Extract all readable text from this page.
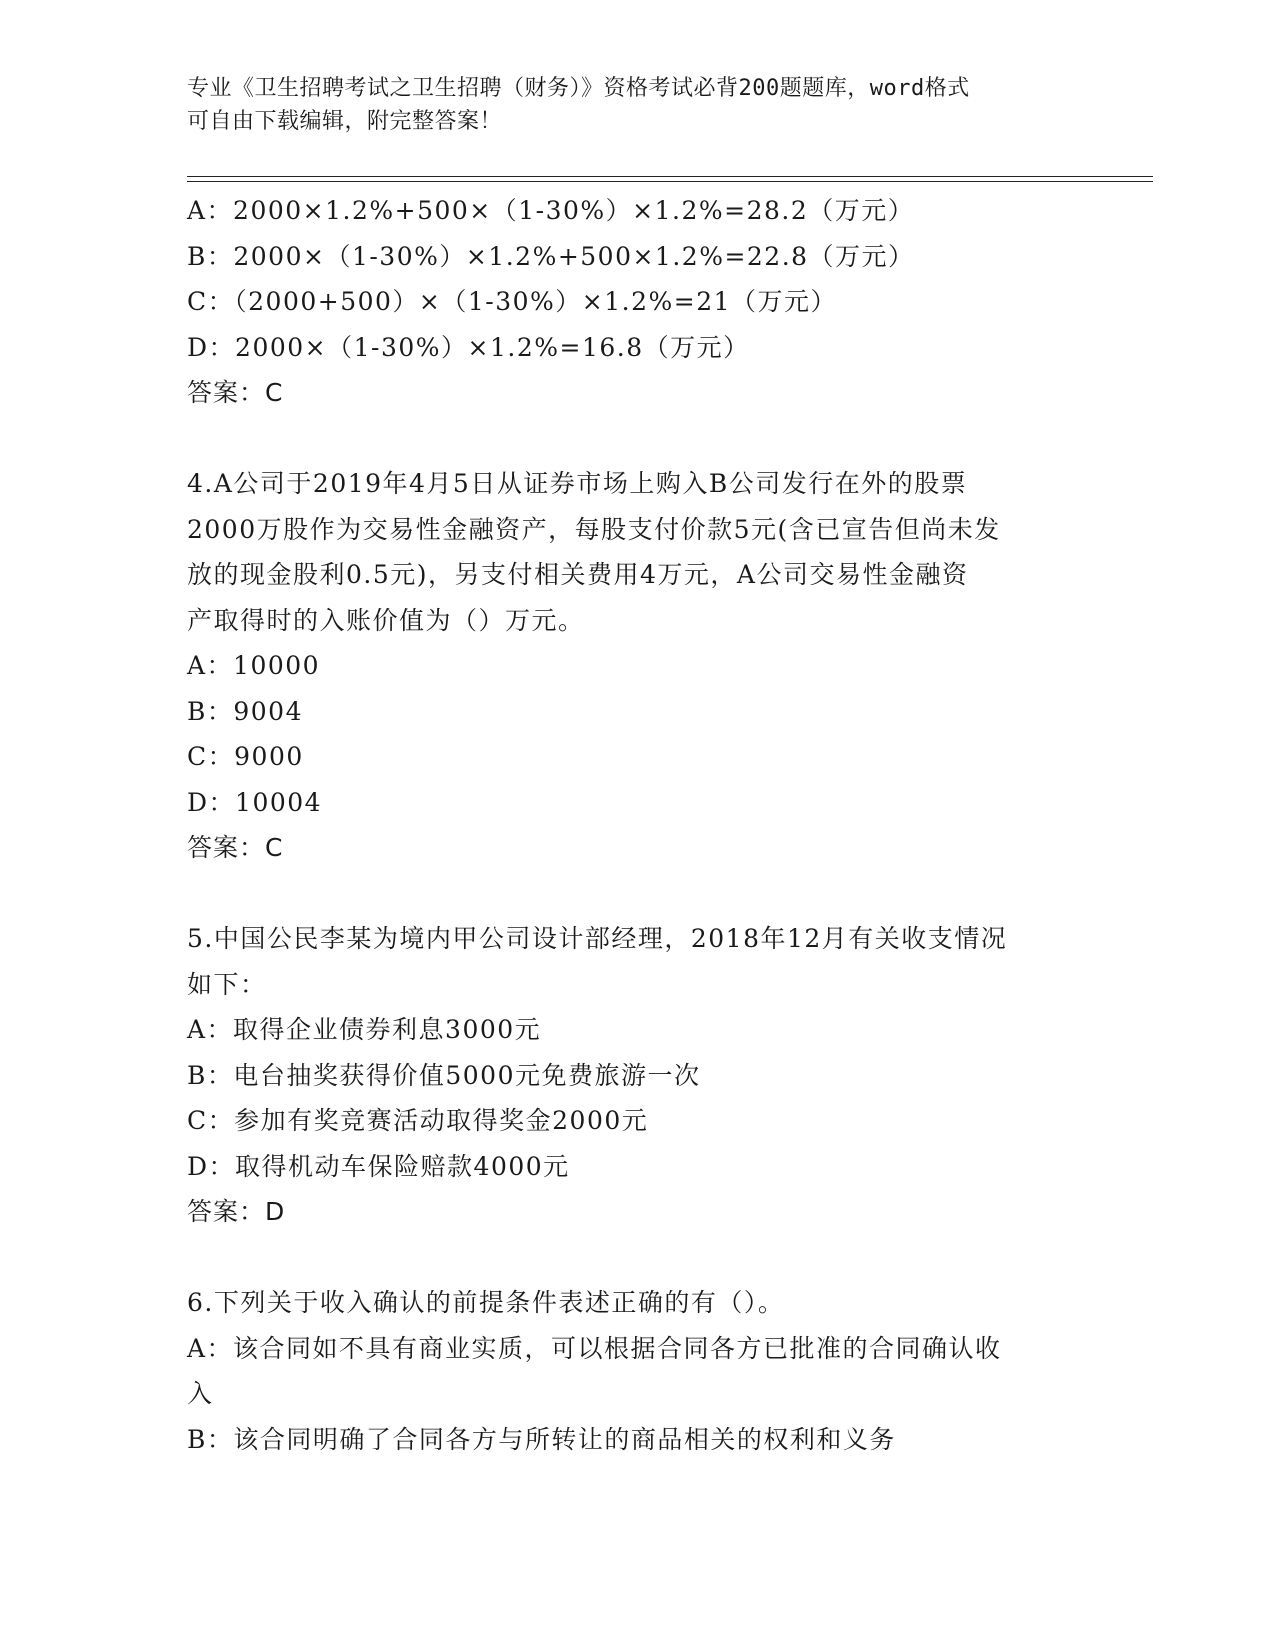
专业《卫生招聘考试之卫生招聘（财务）》资格考试必背200题题库，word格式
可自由下载编辑，附完整答案！
A：2000×1.2%+500×（1-30%）×1.2%=28.2（万元）
B：2000×（1-30%）×1.2%+500×1.2%=22.8（万元）
C：（2000+500）×（1-30%）×1.2%=21（万元）
D：2000×（1-30%）×1.2%=16.8（万元）
答案：C
4.A公司于2019年4月5日从证券市场上购入B公司发行在外的股票
2000万股作为交易性金融资产，每股支付价款5元(含已宣告但尚未发
放的现金股利0.5元)，另支付相关费用4万元，A公司交易性金融资
产取得时的入账价值为（）万元。
A：10000
B：9004
C：9000
D：10004
答案：C
5.中国公民李某为境内甲公司设计部经理，2018年12月有关收支情况
如下：
A：取得企业债券利息3000元
B：电台抽奖获得价值5000元免费旅游一次
C：参加有奖竞赛活动取得奖金2000元
D：取得机动车保险赔款4000元
答案：D
6.下列关于收入确认的前提条件表述正确的有（）。
A：该合同如不具有商业实质，可以根据合同各方已批准的合同确认收
入
B：该合同明确了合同各方与所转让的商品相关的权利和义务
